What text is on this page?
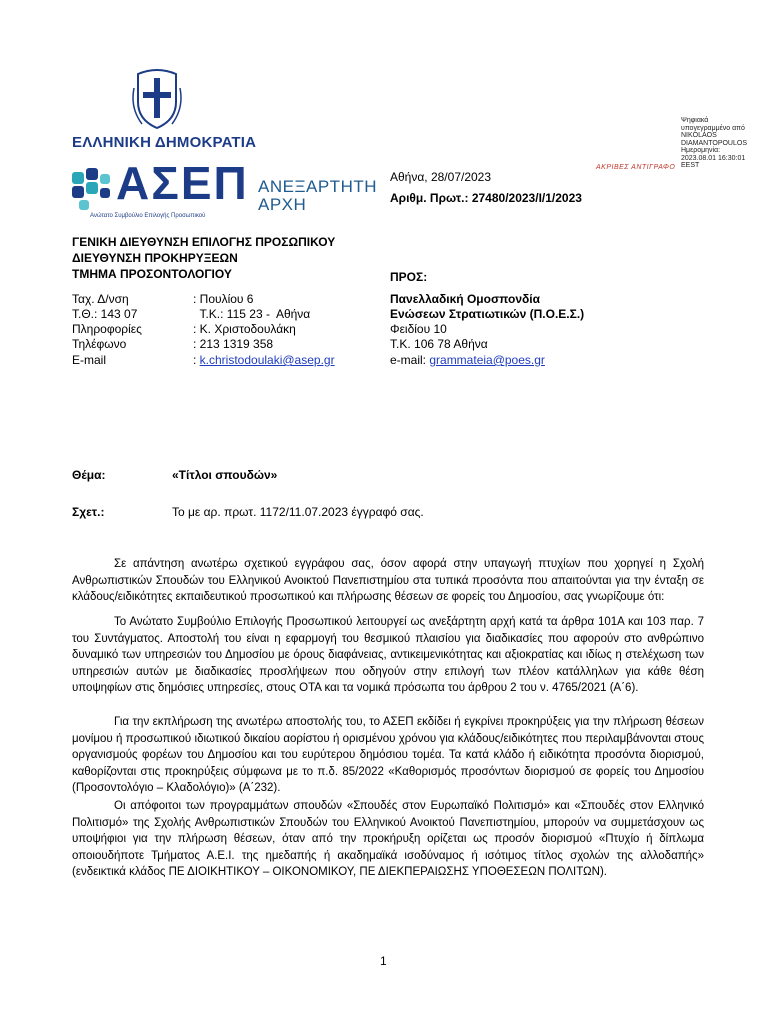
ΕΛΛΗΝΙΚΗ ΔΗΜΟΚΡΑΤΙΑ
ΑΣΕΠ ΑΝΕΞΑΡΤΗΤΗ
ΑΡΧΗ
Ανώτατο Συμβούλιο Επιλογής Προσωπικού
ΑΚΡΙΒΕΣ ΑΝΤΙΓΡΑΦΟ
Ψηφιακά
υπογεγραμμένο από
NIKOLAOS
DIAMANTOPOULOS
Ημερομηνία:
2023.08.01 16:30:01
EEST
Αθήνα, 28/07/2023
Αριθμ. Πρωτ.: 27480/2023/Ι/1/2023
ΓΕΝΙΚΗ ΔΙΕΥΘΥΝΣΗ ΕΠΙΛΟΓΗΣ ΠΡΟΣΩΠΙΚΟΥ
ΔΙΕΥΘΥΝΣΗ ΠΡΟΚΗΡΥΞΕΩΝ
ΤΜΗΜΑ ΠΡΟΣΟΝΤΟΛΟΓΙΟΥ	ΠΡΟΣ:
Πανελλαδική Ομοσπονδία
Ενώσεων Στρατιωτικών (Π.Ο.Ε.Σ.)
Φειδίου 10
Τ.Κ. 106 78 Αθήνα
e-mail: grammateia@poes.gr
Ταχ. Δ/νση	: Πουλίου 6
Τ.Θ.: 143 07	Τ.Κ.: 115 23 -  Αθήνα
Πληροφορίες	: Κ. Χριστοδουλάκη
Τηλέφωνο	: 213 1319 358
E-mail	: k.christodoulaki@asep.gr
Θέμα:	«Τίτλοι σπουδών»
Σχετ.:	Το με αρ. πρωτ. 1172/11.07.2023 έγγραφό σας.
Σε απάντηση ανωτέρω σχετικού εγγράφου σας, όσον αφορά στην υπαγωγή πτυχίων που χορηγεί η Σχολή Ανθρωπιστικών Σπουδών του Ελληνικού Ανοικτού Πανεπιστημίου στα τυπικά προσόντα που απαιτούνται για την ένταξη σε κλάδους/ειδικότητες εκπαιδευτικού προσωπικού και πλήρωσης θέσεων σε φορείς του Δημοσίου, σας γνωρίζουμε ότι:
Το Ανώτατο Συμβούλιο Επιλογής Προσωπικού λειτουργεί ως ανεξάρτητη αρχή κατά τα άρθρα 101Α και 103 παρ. 7 του Συντάγματος. Αποστολή του είναι η εφαρμογή του θεσμικού πλαισίου για διαδικασίες που αφορούν στο ανθρώπινο δυναμικό των υπηρεσιών του Δημοσίου με όρους διαφάνειας, αντικειμενικότητας και αξιοκρατίας και ιδίως η στελέχωση των υπηρεσιών αυτών με διαδικασίες προσλήψεων που οδηγούν στην επιλογή των πλέον κατάλληλων για κάθε θέση υποψηφίων στις δημόσιες υπηρεσίες, στους ΟΤΑ και τα νομικά πρόσωπα του άρθρου 2 του ν. 4765/2021 (Α΄6).
Για την εκπλήρωση της ανωτέρω αποστολής του, το ΑΣΕΠ εκδίδει ή εγκρίνει προκηρύξεις για την πλήρωση θέσεων μονίμου ή προσωπικού ιδιωτικού δικαίου αορίστου ή ορισμένου χρόνου για κλάδους/ειδικότητες που περιλαμβάνονται στους οργανισμούς φορέων του Δημοσίου και του ευρύτερου δημόσιου τομέα. Τα κατά κλάδο ή ειδικότητα προσόντα διορισμού, καθορίζονται στις προκηρύξεις σύμφωνα με το π.δ. 85/2022 «Καθορισμός προσόντων διορισμού σε φορείς του Δημοσίου (Προσοντολόγιο – Κλαδολόγιο)» (Α΄232).
Οι απόφοιτοι των προγραμμάτων σπουδών «Σπουδές στον Ευρωπαϊκό Πολιτισμό» και «Σπουδές στον Ελληνικό Πολιτισμό» της Σχολής Ανθρωπιστικών Σπουδών του Ελληνικού Ανοικτού Πανεπιστημίου, μπορούν να συμμετάσχουν ως υποψήφιοι για την πλήρωση θέσεων, όταν από την προκήρυξη ορίζεται ως προσόν διορισμού «Πτυχίο ή δίπλωμα οποιουδήποτε Τμήματος Α.Ε.Ι. της ημεδαπής ή ακαδημαϊκά ισοδύναμος ή ισότιμος τίτλος σχολών της αλλοδαπής» (ενδεικτικά κλάδος ΠΕ ΔΙΟΙΚΗΤΙΚΟΥ – ΟΙΚΟΝΟΜΙΚΟΥ, ΠΕ ΔΙΕΚΠΕΡΑΙΩΣΗΣ ΥΠΟΘΕΣΕΩΝ ΠΟΛΙΤΩΝ).
1
